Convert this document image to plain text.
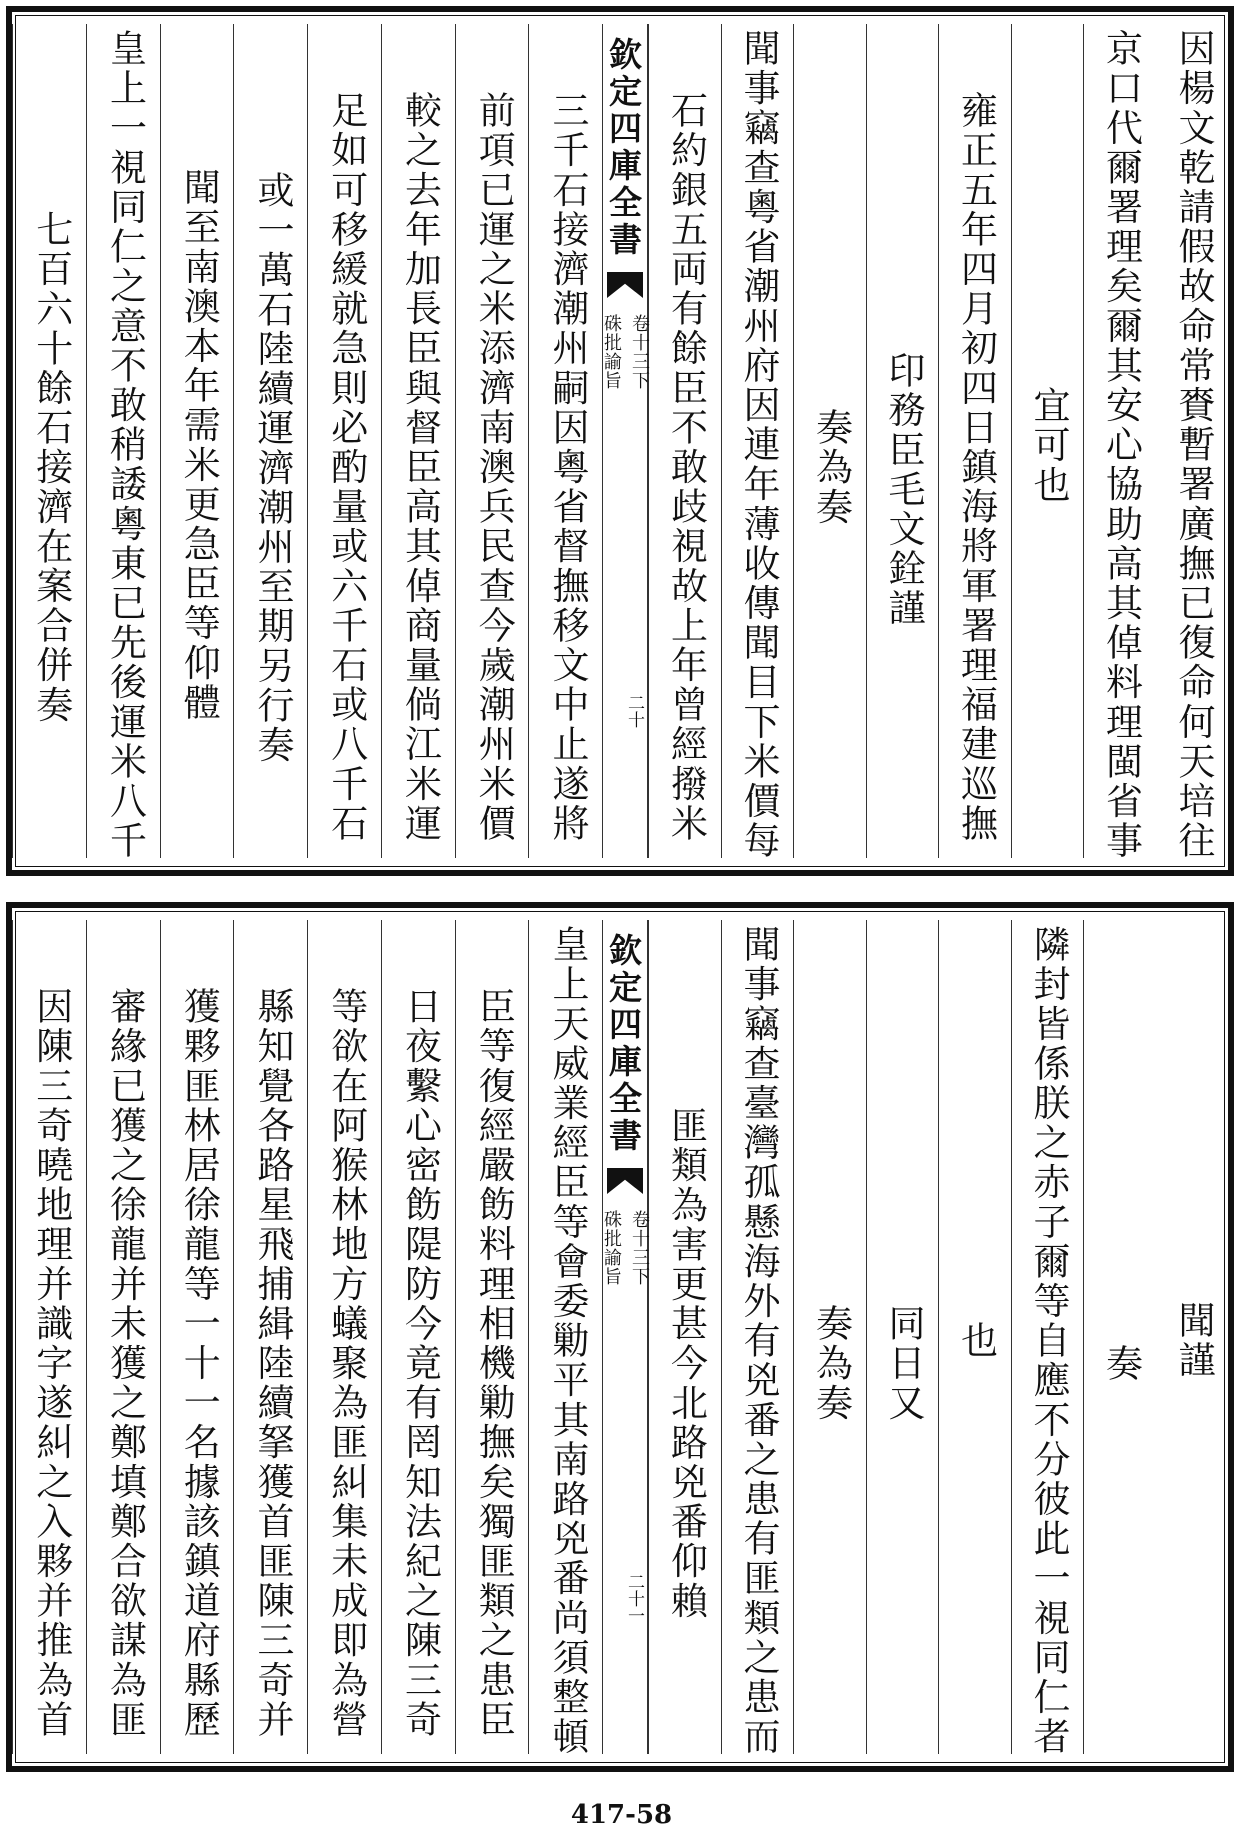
因楊文乾請假故命常賚暫署廣撫已復命何天培往
京口代爾署理矣爾其安心協助高其倬料理閩省事
宜可也
雍正五年四月初四日鎮海將軍署理福建巡撫
印務臣毛文銓謹
奏為奏
聞事竊查粵省潮州府因連年薄收傳聞目下米價每
石約銀五両有餘臣不敢歧視故上年曾經撥米
三千石接濟潮州嗣因粵省督撫移文中止遂將
前項已運之米添濟南澳兵民查今歲潮州米價
較之去年加長臣與督臣高其倬商量倘江米運
足如可移緩就急則必酌量或六千石或八千石
或一萬石陸續運濟潮州至期另行奏
聞至南澳本年需米更急臣等仰體
皇上一視同仁之意不敢稍諉粵東已先後運米八千
七百六十餘石接濟在案合併奏
欽定四庫全書
硃批諭旨 卷十三下
二十
聞謹
奏
隣封皆係朕之赤子爾等自應不分彼此一視同仁者
也
同日又
奏為奏
聞事竊查臺灣孤懸海外有兇番之患有匪類之患而
匪類為害更甚今北路兇番仰賴
皇上天威業經臣等會委勦平其南路兇番尚須整頓
臣等復經嚴飭料理相機勦撫矣獨匪類之患臣
日夜繫心密飭隄防今竟有罔知法紀之陳三奇
等欲在阿猴林地方蟻聚為匪糾集未成即為營
縣知覺各路星飛捕緝陸續拏獲首匪陳三奇并
獲夥匪林居徐龍等一十一名據該鎮道府縣歷
審緣已獲之徐龍并未獲之鄭填鄭合欲謀為匪
因陳三奇曉地理并識字遂糾之入夥并推為首	欽定四庫全書
硃批諭旨 卷十三下
二十一
417-58
